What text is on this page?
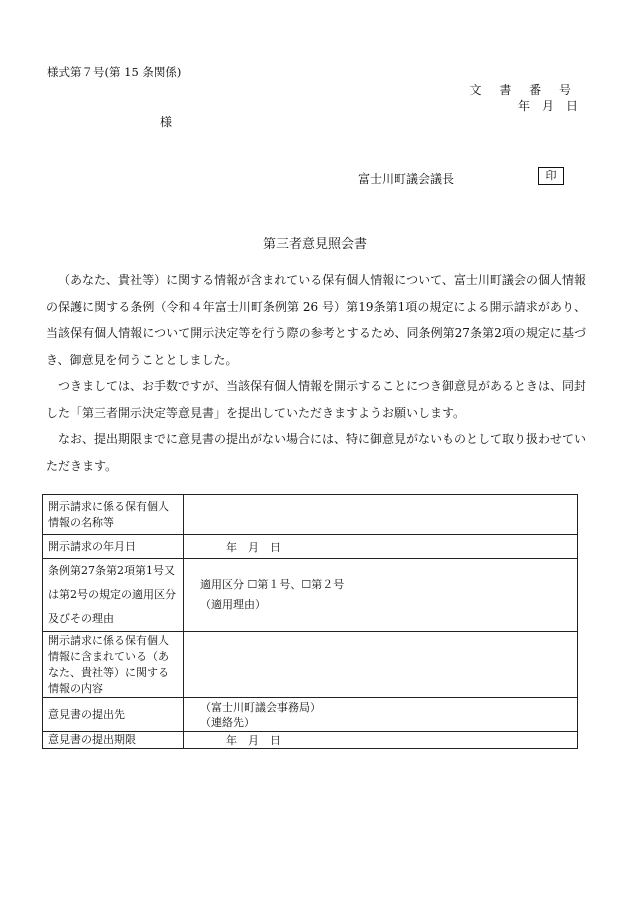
様式第７号(第 15 条関係)
文 書 番 号
年　月　日
様
富士川町議会議長	印
第三者意見照会書

（あなた、貴社等）に関する情報が含まれている保有個人情報について、富士川町議会の個人情報の保護に関する条例（令和４年富士川町条例第 26 号）第19条第1項の規定による開示請求があり、当該保有個人情報について開示決定等を行う際の参考とするため、同条例第27条第2項の規定に基づき、御意見を伺うこととしました。

つきましては、お手数ですが、当該保有個人情報を開示することにつき御意見があるときは、同封した「第三者開示決定等意見書」を提出していただきますようお願いします。

なお、提出期限までに意見書の提出がない場合には、特に御意見がないものとして取り扱わせていただきます。

開示請求に係る保有個人情報の名称等	
開示請求の年月日	年　月　日
条例第27条第2項第1号又は第2号の規定の適用区分及びその理由	適用区分 ☐第１号、☐第２号
（適用理由）

開示請求に係る保有個人情報に含まれている（あなた、貴社等）に関する情報の内容	
意見書の提出先	（富士川町議会事務局）
（連絡先）

意見書の提出期限	年　月　日
